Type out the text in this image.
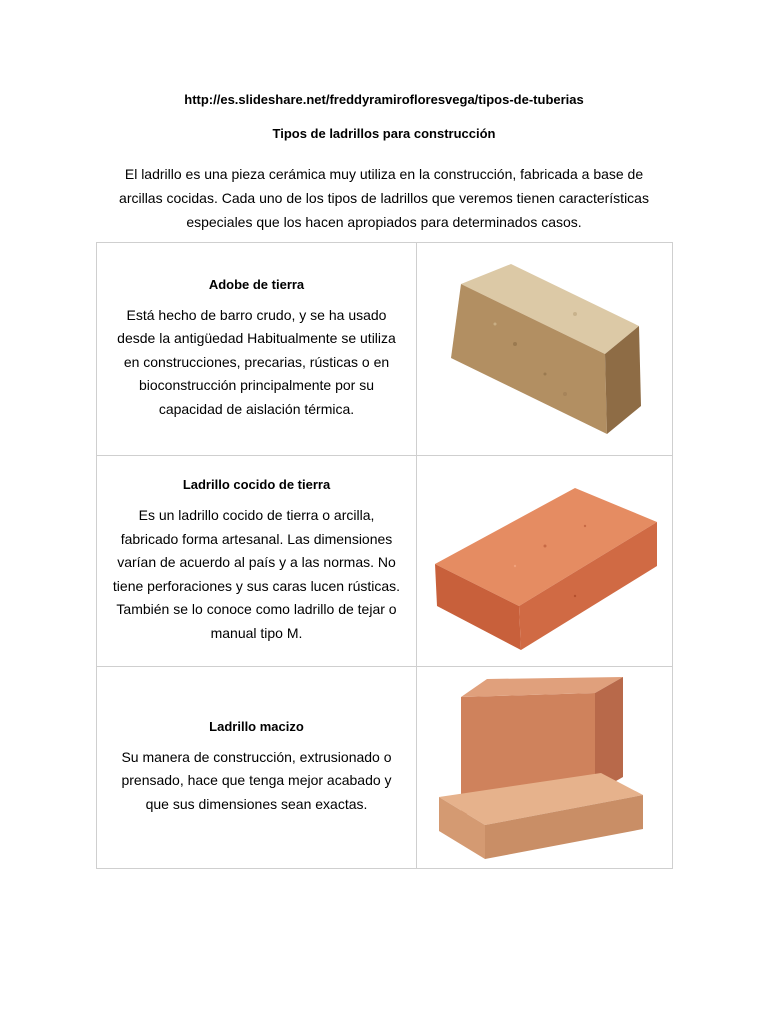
http://es.slideshare.net/freddyramirofloresvega/tipos-de-tuberias
Tipos de ladrillos para construcción
El ladrillo es una pieza cerámica muy utiliza en la construcción, fabricada a base de arcillas cocidas. Cada uno de los tipos de ladrillos que veremos tienen características especiales que los hacen apropiados para determinados casos.
Adobe de tierra
Está hecho de barro crudo, y se ha usado desde la antigüedad Habitualmente se utiliza en construcciones, precarias, rústicas o en bioconstrucción principalmente por su capacidad de aislación térmica.

Ladrillo cocido de tierra
Es un ladrillo cocido de tierra o arcilla, fabricado forma artesanal. Las dimensiones varían de acuerdo al país y a las normas. No tiene perforaciones y sus caras lucen rústicas. También se lo conoce como ladrillo de tejar o manual tipo M.

Ladrillo macizo
Su manera de construcción, extrusionado o prensado, hace que tenga mejor acabado y que sus dimensiones sean exactas.
